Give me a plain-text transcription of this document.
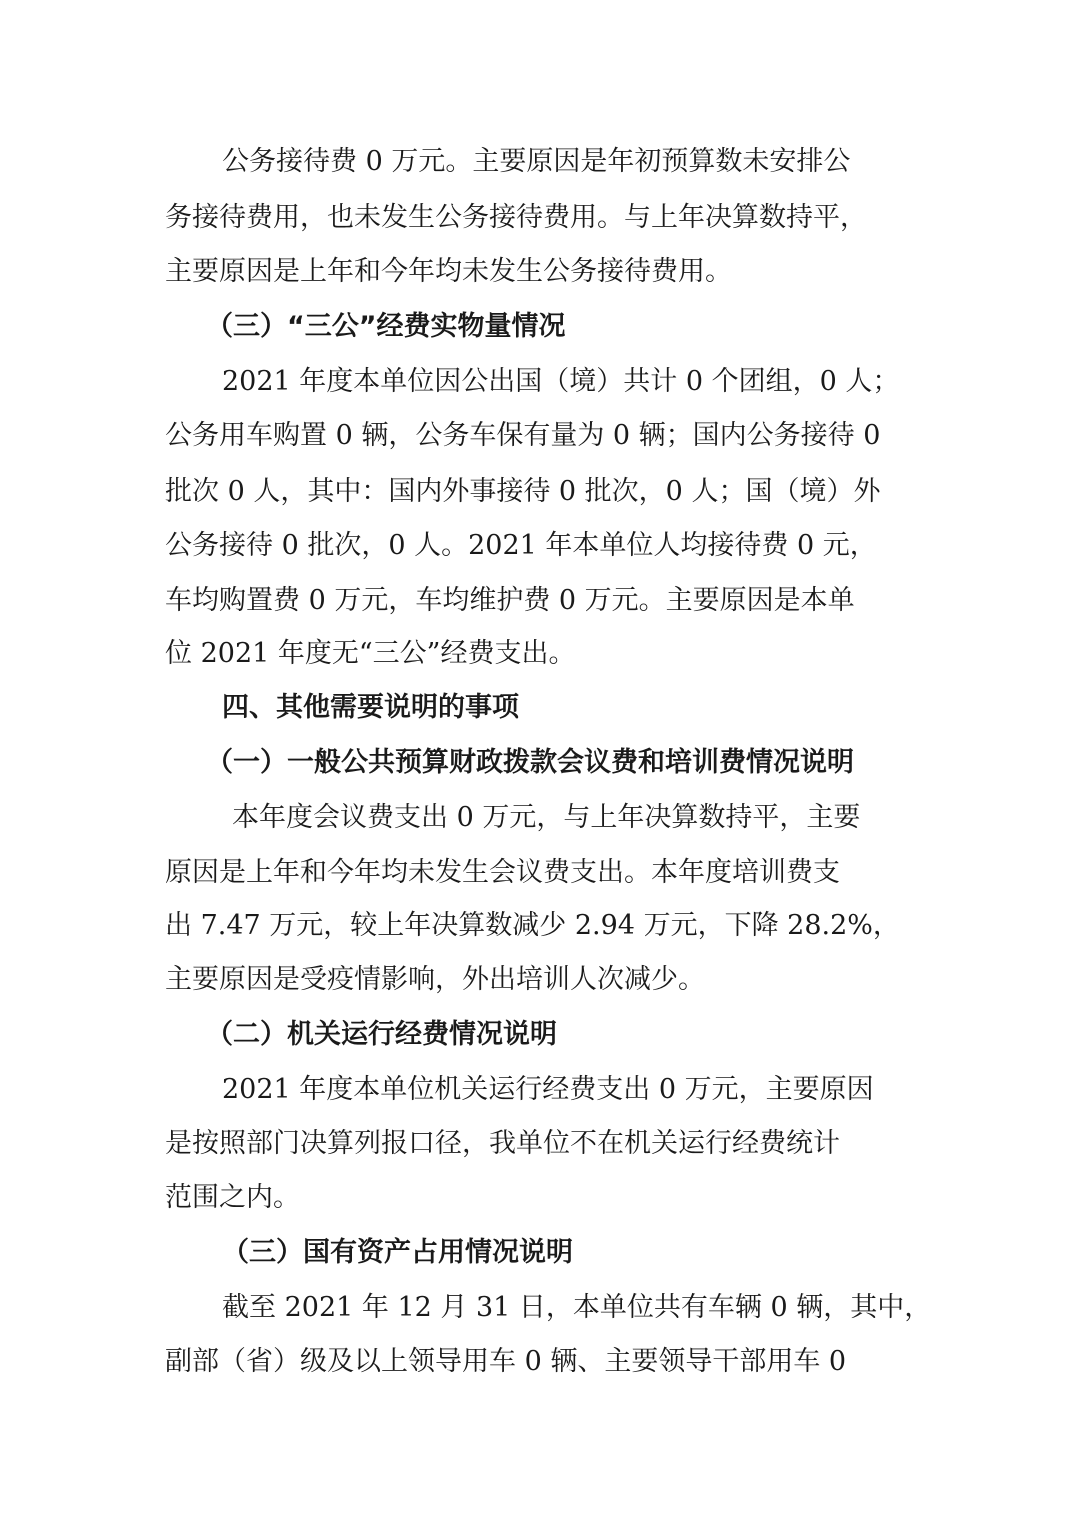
公务接待费 0 万元。主要原因是年初预算数未安排公
务接待费用，也未发生公务接待费用。与上年决算数持平，
主要原因是上年和今年均未发生公务接待费用。
（三）“三公”经费实物量情况
2021 年度本单位因公出国（境）共计 0 个团组，0 人；
公务用车购置 0 辆，公务车保有量为 0 辆；国内公务接待 0
批次 0 人，其中：国内外事接待 0 批次，0 人；国（境）外
公务接待 0 批次，0 人。2021 年本单位人均接待费 0 元，
车均购置费 0 万元，车均维护费 0 万元。主要原因是本单
位 2021 年度无“三公”经费支出。
四、其他需要说明的事项
（一）一般公共预算财政拨款会议费和培训费情况说明
本年度会议费支出 0 万元，与上年决算数持平，主要
原因是上年和今年均未发生会议费支出。本年度培训费支
出 7.47 万元，较上年决算数减少 2.94 万元，下降 28.2%，
主要原因是受疫情影响，外出培训人次减少。
（二）机关运行经费情况说明
2021 年度本单位机关运行经费支出 0 万元，主要原因
是按照部门决算列报口径，我单位不在机关运行经费统计
范围之内。
（三）国有资产占用情况说明
截至 2021 年 12 月 31 日，本单位共有车辆 0 辆，其中，
副部（省）级及以上领导用车 0 辆、主要领导干部用车 0
